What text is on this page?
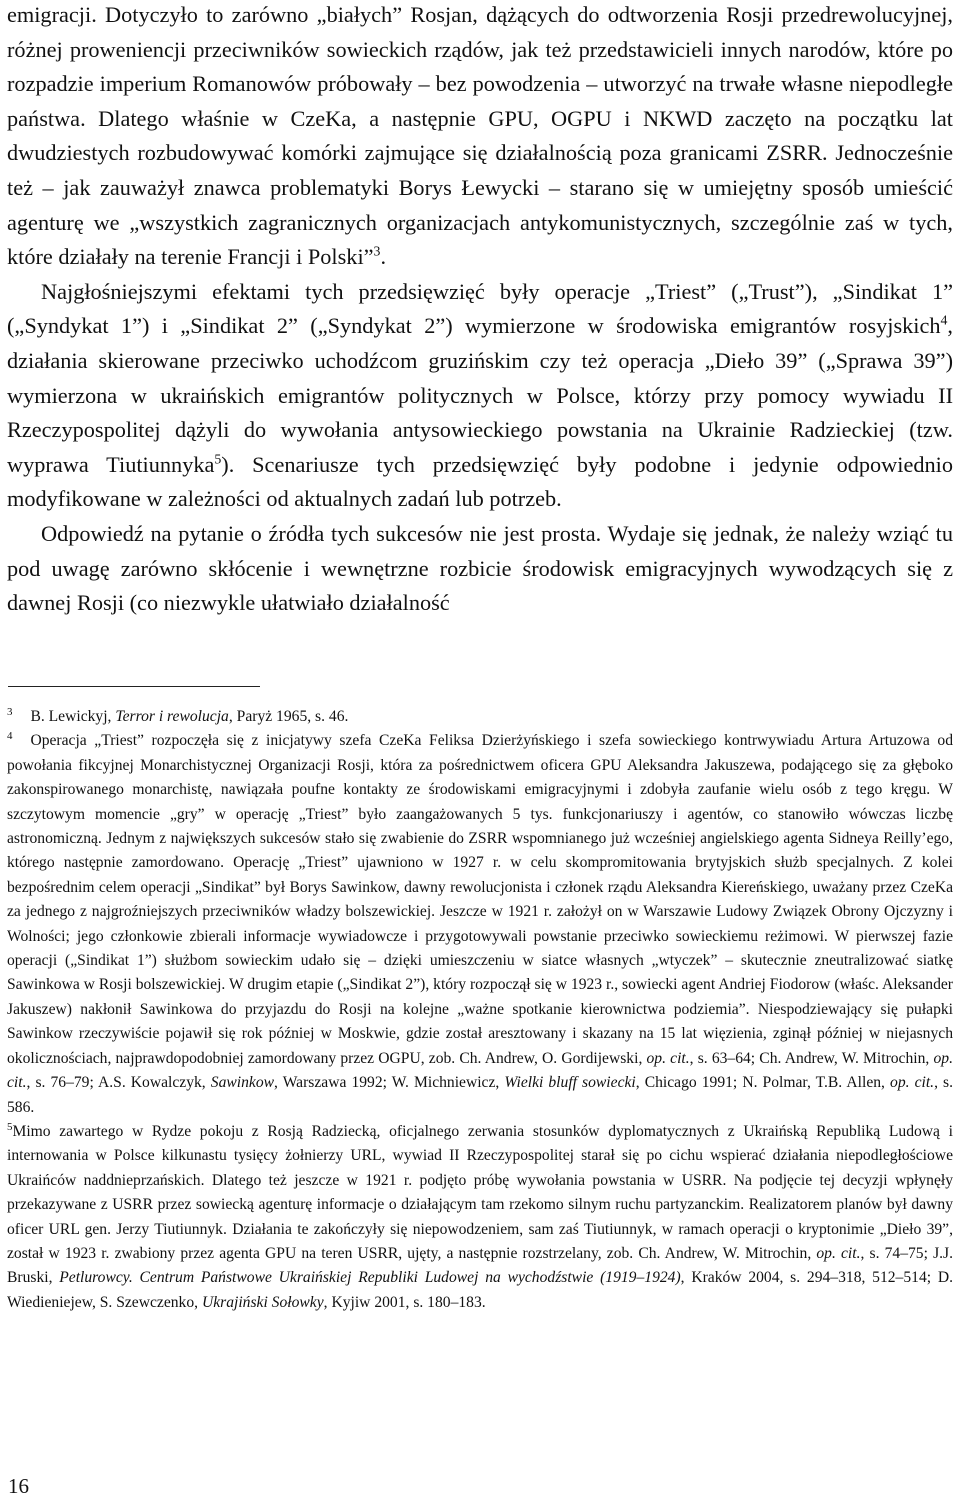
emigracji. Dotyczyło to zarówno „białych” Rosjan, dążących do odtworzenia Rosji przedrewolucyjnej, różnej proweniencji przeciwników sowieckich rządów, jak też przedstawicieli innych narodów, które po rozpadzie imperium Romanowów próbowały – bez powodzenia – utworzyć na trwałe własne niepodległe państwa. Dlatego właśnie w CzeKa, a następnie GPU, OGPU i NKWD zaczęto na początku lat dwudziestych rozbudowywać komórki zajmujące się działalnością poza granicami ZSRR. Jednocześnie też – jak zauważył znawca problematyki Borys Łewycki – starano się w umiejętny sposób umieścić agenturę we „wszystkich zagranicznych organizacjach antykomunistycznych, szczególnie zaś w tych, które działały na terenie Francji i Polski”$^3$.

Najgłośniejszymi efektami tych przedsięwzięć były operacje „Triest” („Trust”), „Sindikat 1” („Syndykat 1”) i „Sindikat 2” („Syndykat 2”) wymierzone w środowiska emigrantów rosyjskich$^4$, działania skierowane przeciwko uchodźcom gruzińskim czy też operacja „Dieło 39” („Sprawa 39”) wymierzona w ukraińskich emigrantów politycznych w Polsce, którzy przy pomocy wywiadu II Rzeczypospolitej dążyli do wywołania antysowieckiego powstania na Ukrainie Radzieckiej (tzw. wyprawa Tiutiunnyka$^5$). Scenariusze tych przedsięwzięć były podobne i jedynie odpowiednio modyfikowane w zależności od aktualnych zadań lub potrzeb.

Odpowiedź na pytanie o źródła tych sukcesów nie jest prosta. Wydaje się jednak, że należy wziąć tu pod uwagę zarówno skłócenie i wewnętrzne rozbicie środowisk emigracyjnych wywodzących się z dawnej Rosji (co niezwykle ułatwiało działalność

$^3$ B. Lewickyj, Terror i rewolucja, Paryż 1965, s. 46.

$^4$ Operacja „Triest” rozpoczęła się z inicjatywy szefa CzeKa Feliksa Dzierżyńskiego i szefa sowieckiego kontrwywiadu Artura Artuzowa od powołania fikcyjnej Monarchistycznej Organizacji Rosji, która za pośrednictwem oficera GPU Aleksandra Jakuszewa, podającego się za głęboko zakonspirowanego monarchistę, nawiązała poufne kontakty ze środowiskami emigracyjnymi i zdobyła zaufanie wielu osób z tego kręgu. W szczytowym momencie „gry” w operację „Triest” było zaangażowanych 5 tys. funkcjonariuszy i agentów, co stanowiło wówczas liczbę astronomiczną. Jednym z największych sukcesów stało się zwabienie do ZSRR wspomnianego już wcześniej angielskiego agenta Sidneya Reilly’ego, którego następnie zamordowano. Operację „Triest” ujawniono w 1927 r. w celu skompromitowania brytyjskich służb specjalnych. Z kolei bezpośrednim celem operacji „Sindikat” był Borys Sawinkow, dawny rewolucjonista i członek rządu Aleksandra Kiereńskiego, uważany przez CzeKa za jednego z najgroźniejszych przeciwników władzy bolszewickiej. Jeszcze w 1921 r. założył on w Warszawie Ludowy Związek Obrony Ojczyzny i Wolności; jego członkowie zbierali informacje wywiadowcze i przygotowywali powstanie przeciwko sowieckiemu reżimowi. W pierwszej fazie operacji („Sindikat 1”) służbom sowieckim udało się – dzięki umieszczeniu w siatce własnych „wtyczek” – skutecznie zneutralizować siatkę Sawinkowa w Rosji bolszewickiej. W drugim etapie („Sindikat 2”), który rozpoczął się w 1923 r., sowiecki agent Andriej Fiodorow (właśc. Aleksander Jakuszew) nakłonił Sawinkowa do przyjazdu do Rosji na kolejne „ważne spotkanie kierownictwa podziemia”. Niespodziewający się pułapki Sawinkow rzeczywiście pojawił się rok później w Moskwie, gdzie został aresztowany i skazany na 15 lat więzienia, zginął później w niejasnych okolicznościach, najprawdopodobniej zamordowany przez OGPU, zob. Ch. Andrew, O. Gordijewski, op. cit., s. 63–64; Ch. Andrew, W. Mitrochin, op. cit., s. 76–79; A.S. Kowalczyk, Sawinkow, Warszawa 1992; W. Michniewicz, Wielki bluff sowiecki, Chicago 1991; N. Polmar, T.B. Allen, op. cit., s. 586.

$^5$Mimo zawartego w Rydze pokoju z Rosją Radziecką, oficjalnego zerwania stosunków dyplomatycznych z Ukraińską Republiką Ludową i internowania w Polsce kilkunastu tysięcy żołnierzy URL, wywiad II Rzeczypospolitej starał się po cichu wspierać działania niepodległościowe Ukraińców naddnieprzańskich. Dlatego też jeszcze w 1921 r. podjęto próbę wywołania powstania w USRR. Na podjęcie tej decyzji wpłynęły przekazywane z USRR przez sowiecką agenturę informacje o działającym tam rzekomo silnym ruchu partyzanckim. Realizatorem planów był dawny oficer URL gen. Jerzy Tiutiunnyk. Działania te zakończyły się niepowodzeniem, sam zaś Tiutiunnyk, w ramach operacji o kryptonimie „Dieło 39”, został w 1923 r. zwabiony przez agenta GPU na teren USRR, ujęty, a następnie rozstrzelany, zob. Ch. Andrew, W. Mitrochin, op. cit., s. 74–75; J.J. Bruski, Petlurowcy. Centrum Państwowe Ukraińskiej Republiki Ludowej na wychodźstwie (1919–1924), Kraków 2004, s. 294–318, 512–514; D. Wiedieniejew, S. Szewczenko, Ukrajіńskі Sołowky, Kyjiw 2001, s. 180–183.

16
